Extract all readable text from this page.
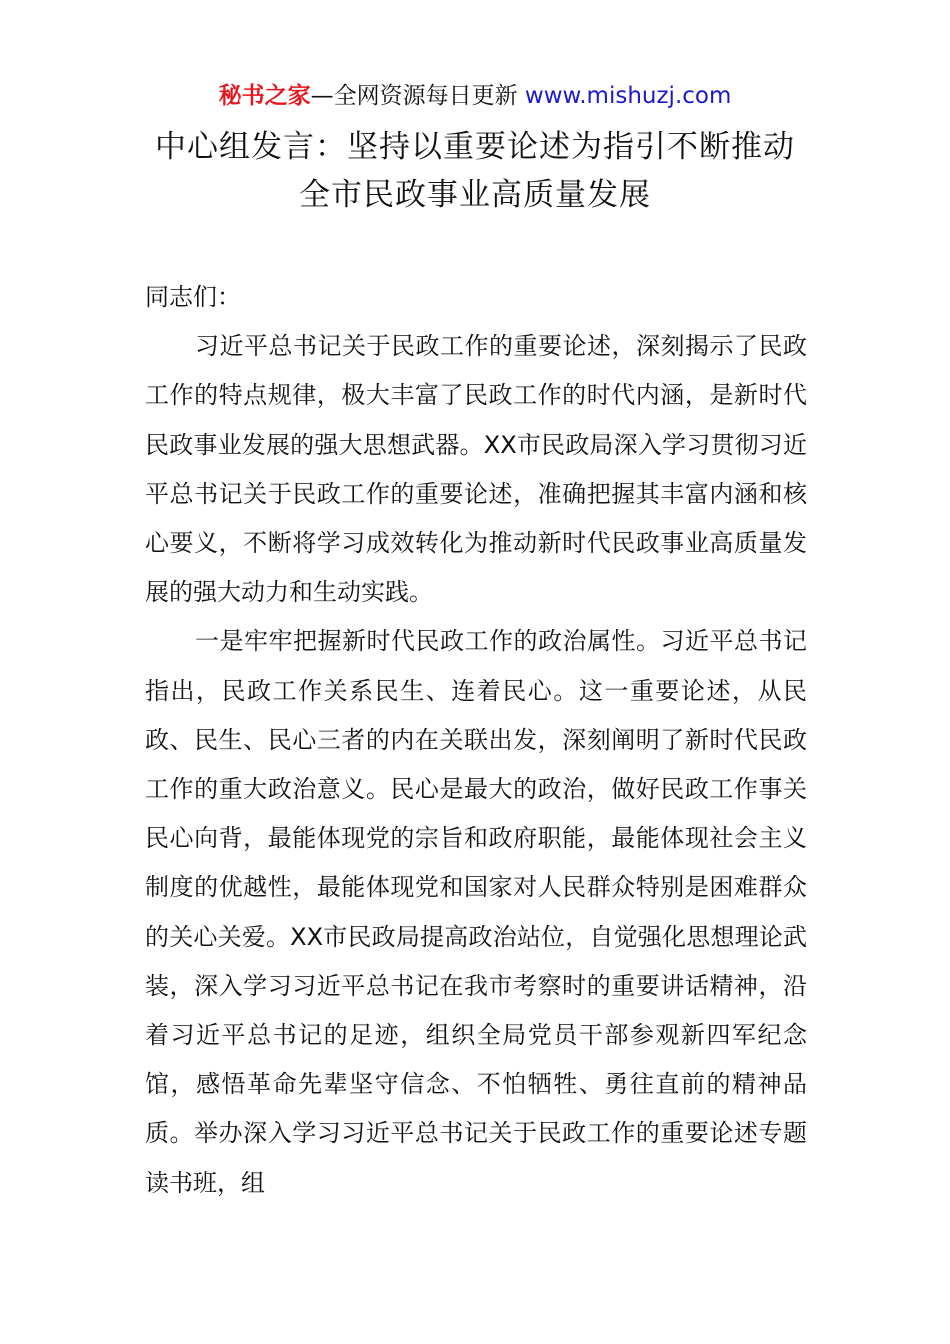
秘书之家—全网资源每日更新 www.mishuzj.com
中心组发言：坚持以重要论述为指引不断推动
全市民政事业高质量发展

同志们：

习近平总书记关于民政工作的重要论述，深刻揭示了民政工作的特点规律，极大丰富了民政工作的时代内涵，是新时代民政事业发展的强大思想武器。XX市民政局深入学习贯彻习近平总书记关于民政工作的重要论述，准确把握其丰富内涵和核心要义，不断将学习成效转化为推动新时代民政事业高质量发展的强大动力和生动实践。

一是牢牢把握新时代民政工作的政治属性。习近平总书记指出，民政工作关系民生、连着民心。这一重要论述，从民政、民生、民心三者的内在关联出发，深刻阐明了新时代民政工作的重大政治意义。民心是最大的政治，做好民政工作事关民心向背，最能体现党的宗旨和政府职能，最能体现社会主义制度的优越性，最能体现党和国家对人民群众特别是困难群众的关心关爱。XX市民政局提高政治站位，自觉强化思想理论武装，深入学习习近平总书记在我市考察时的重要讲话精神，沿着习近平总书记的足迹，组织全局党员干部参观新四军纪念馆，感悟革命先辈坚守信念、不怕牺牲、勇往直前的精神品质。举办深入学习习近平总书记关于民政工作的重要论述专题读书班，组
